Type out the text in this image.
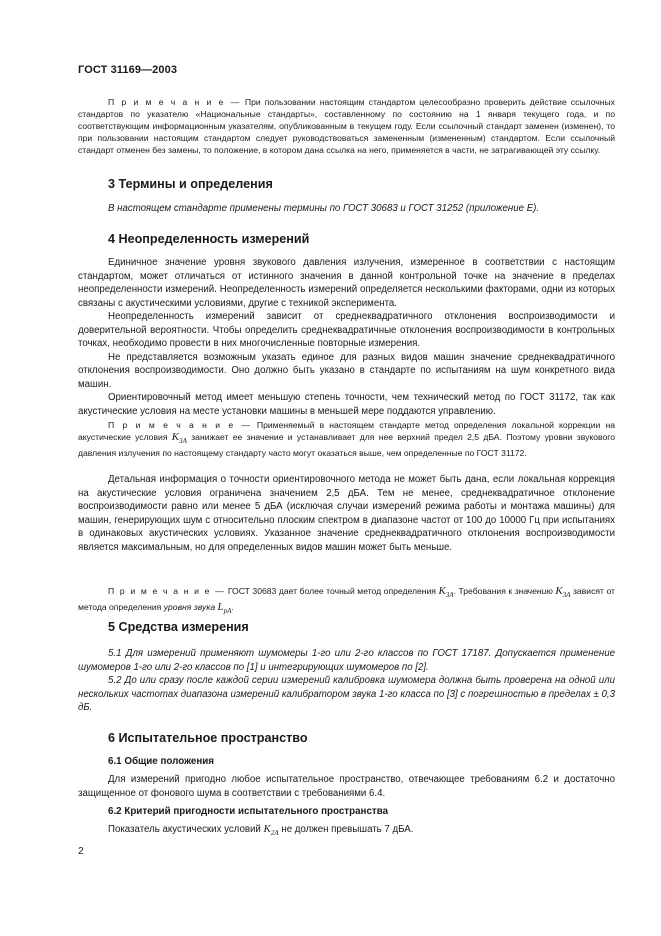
ГОСТ 31169—2003

П р и м е ч а н и е — При пользовании настоящим стандартом целесообразно проверить действие ссылочных стандартов по указателю «Национальные стандарты», составленному по состоянию на 1 января текущего года, и по соответствующим информационным указателям, опубликованным в текущем году. Если ссылочный стандарт заменен (изменен), то при пользовании настоящим стандартом следует руководствоваться замененным (измененным) стандартом. Если ссылочный стандарт отменен без замены, то положение, в котором дана ссылка на него, применяется в части, не затрагивающей эту ссылку.

3 Термины и определения

В настоящем стандарте применены термины по ГОСТ 30683 и ГОСТ 31252 (приложение Е).

4 Неопределенность измерений

Единичное значение уровня звукового давления излучения, измеренное в соответствии с настоящим стандартом, может отличаться от истинного значения в данной контрольной точке на значение в пределах неопределенности измерений. Неопределенность измерений определяется несколькими факторами, одни из которых связаны с акустическими условиями, другие с техникой эксперимента.

Неопределенность измерений зависит от среднеквадратичного отклонения воспроизводимости и доверительной вероятности. Чтобы определить среднеквадратичные отклонения воспроизводимости в контрольных точках, необходимо провести в них многочисленные повторные измерения.

Не представляется возможным указать единое для разных видов машин значение среднеквадратичного отклонения воспроизводимости. Оно должно быть указано в стандарте по испытаниям на шум конкретного вида машин.

Ориентировочный метод имеет меньшую степень точности, чем технический метод по ГОСТ 31172, так как акустические условия на месте установки машины в меньшей мере поддаются управлению.

П р и м е ч а н и е — Применяемый в настоящем стандарте метод определения локальной коррекции на акустические условия $K_{3A}$ занижает ее значение и устанавливает для нее верхний предел 2,5 дБА. Поэтому уровни звукового давления излучения по настоящему стандарту часто могут оказаться выше, чем определенные по ГОСТ 31172.

Детальная информация о точности ориентировочного метода не может быть дана, если локальная коррекция на акустические условия ограничена значением 2,5 дБА. Тем не менее, среднеквадратичное отклонение воспроизводимости равно или менее 5 дБА (исключая случаи измерений режима работы и монтажа машины) для машин, генерирующих шум с относительно плоским спектром в диапазоне частот от 100 до 10000 Гц при испытаниях в одинаковых акустических условиях. Указанное значение среднеквадратичного отклонения воспроизводимости является максимальным, но для определенных видов машин может быть меньше.

П р и м е ч а н и е — ГОСТ 30683 дает более точный метод определения $K_{3A}$. Требования к значению $K_{3A}$ зависят от метода определения уровня звука $L_{pA}$.

5 Средства измерения

5.1 Для измерений применяют шумомеры 1-го или 2-го классов по ГОСТ 17187. Допускается применение шумомеров 1-го или 2-го классов по [1] и интегрирующих шумомеров по [2].

5.2 До или сразу после каждой серии измерений калибровка шумомера должна быть проверена на одной или нескольких частотах диапазона измерений калибратором звука 1-го класса по [3] с погрешностью в пределах ± 0,3 дБ.

6 Испытательное пространство
6.1 Общие положения

Для измерений пригодно любое испытательное пространство, отвечающее требованиям 6.2 и достаточно защищенное от фонового шума в соответствии с требованиями 6.4.

6.2 Критерий пригодности испытательного пространства

Показатель акустических условий $K_{2A}$ не должен превышать 7 дБА.

2
